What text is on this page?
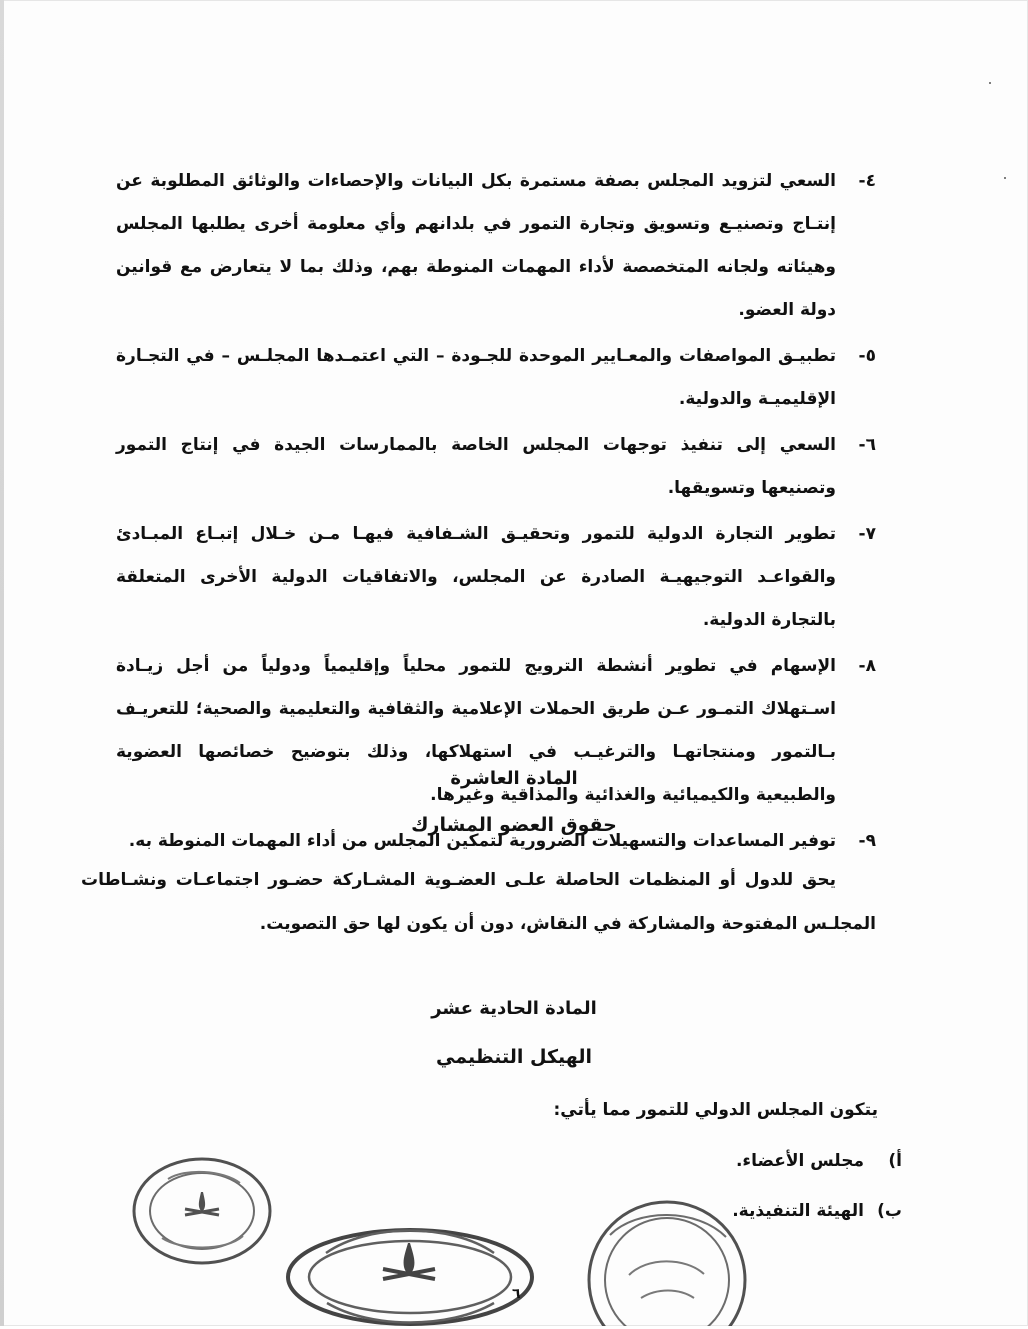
٤-
السعي لتزويد المجلس بصفة مستمرة بكل البيانات والإحصاءات والوثائق المطلوبة عن إنتـاج وتصنيـع وتسويق وتجارة التمور في بلدانهم وأي معلومة أخرى يطلبها المجلس وهيئاته ولجانه المتخصصة لأداء المهمات المنوطة بهم، وذلك بما لا يتعارض مع قوانين دولة العضو.
٥-
تطبيـق المواصفات والمعـايير الموحدة للجـودة – التي اعتمـدها المجلـس – في التجـارة الإقليميـة والدولية.
٦-
السعي إلى تنفيذ توجهات المجلس الخاصة بالممارسات الجيدة في إنتاج التمور وتصنيعها وتسويقها.
٧-
تطوير التجارة الدولية للتمور وتحقيـق الشـفافية فيهـا مـن خـلال إتبـاع المبـادئ والقواعـد التوجيهيـة الصادرة عن المجلس، والاتفاقيات الدولية الأخرى المتعلقة بالتجارة الدولية.
٨-
الإسهام في تطوير أنشطة الترويج للتمور محلياً وإقليمياً ودولياً من أجل زيـادة اسـتهلاك التمـور عـن طريق الحملات الإعلامية والثقافية والتعليمية والصحية؛ للتعريـف بـالتمور ومنتجاتهـا والترغيـب في استهلاكها، وذلك بتوضيح خصائصها العضوية والطبيعية والكيميائية والغذائية والمذاقية وغيرها.
٩-
توفير المساعدات والتسهيلات الضرورية لتمكين المجلس من أداء المهمات المنوطة به.
المادة العاشرة
حقوق العضو المشارك
يحق للدول أو المنظمات الحاصلة علـى العضـوية المشـاركة حضـور اجتماعـات ونشـاطات المجلـس المفتوحة والمشاركة في النقاش، دون أن يكون لها حق التصويت.
المادة الحادية عشر
الهيكل التنظيمي
يتكون المجلس الدولي للتمور مما يأتي:
أ)
مجلس الأعضاء.
ب)
الهيئة التنفيذية.
٦
